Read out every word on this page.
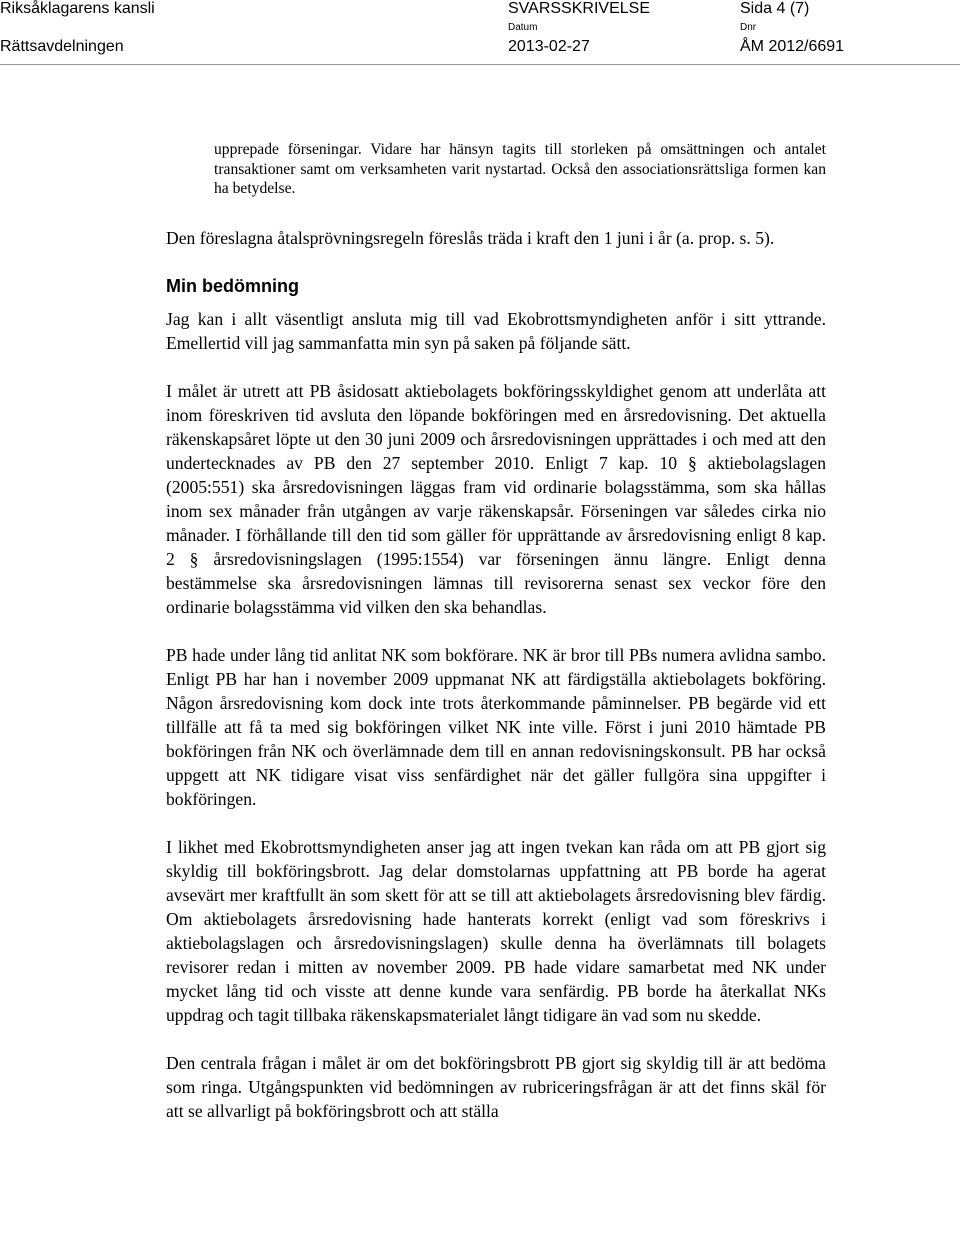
Riksåklagarens kansli
Rättsavdelningen
SVARSSKRIVELSE
Datum
2013-02-27
Sida 4 (7)
Dnr
ÅM 2012/6691

upprepade förseningar. Vidare har hänsyn tagits till storleken på omsättningen och antalet transaktioner samt om verksamheten varit nystartad. Också den associationsrättsliga formen kan ha betydelse.

Den föreslagna åtalsprövningsregeln föreslås träda i kraft den 1 juni i år (a. prop. s. 5).

Min bedömning

Jag kan i allt väsentligt ansluta mig till vad Ekobrottsmyndigheten anför i sitt yttrande. Emellertid vill jag sammanfatta min syn på saken på följande sätt.

I målet är utrett att PB åsidosatt aktiebolagets bokföringsskyldighet genom att underlåta att inom föreskriven tid avsluta den löpande bokföringen med en årsredovisning. Det aktuella räkenskapsåret löpte ut den 30 juni 2009 och årsredovisningen upprättades i och med att den undertecknades av PB den 27 september 2010. Enligt 7 kap. 10 § aktiebolagslagen (2005:551) ska årsredovisningen läggas fram vid ordinarie bolagsstämma, som ska hållas inom sex månader från utgången av varje räkenskapsår. Förseningen var således cirka nio månader. I förhållande till den tid som gäller för upprättande av årsredovisning enligt 8 kap. 2 § årsredovisningslagen (1995:1554) var förseningen ännu längre. Enligt denna bestämmelse ska årsredovisningen lämnas till revisorerna senast sex veckor före den ordinarie bolagsstämma vid vilken den ska behandlas.

PB hade under lång tid anlitat NK som bokförare. NK är bror till PBs numera avlidna sambo. Enligt PB har han i november 2009 uppmanat NK att färdigställa aktiebolagets bokföring. Någon årsredovisning kom dock inte trots återkommande påminnelser. PB begärde vid ett tillfälle att få ta med sig bokföringen vilket NK inte ville. Först i juni 2010 hämtade PB bokföringen från NK och överlämnade dem till en annan redovisningskonsult. PB har också uppgett att NK tidigare visat viss senfärdighet när det gäller fullgöra sina uppgifter i bokföringen.

I likhet med Ekobrottsmyndigheten anser jag att ingen tvekan kan råda om att PB gjort sig skyldig till bokföringsbrott. Jag delar domstolarnas uppfattning att PB borde ha agerat avsevärt mer kraftfullt än som skett för att se till att aktiebolagets årsredovisning blev färdig. Om aktiebolagets årsredovisning hade hanterats korrekt (enligt vad som föreskrivs i aktiebolagslagen och årsredovisningslagen) skulle denna ha överlämnats till bolagets revisorer redan i mitten av november 2009. PB hade vidare samarbetat med NK under mycket lång tid och visste att denne kunde vara senfärdig. PB borde ha återkallat NKs uppdrag och tagit tillbaka räkenskapsmaterialet långt tidigare än vad som nu skedde.

Den centrala frågan i målet är om det bokföringsbrott PB gjort sig skyldig till är att bedöma som ringa. Utgångspunkten vid bedömningen av rubriceringsfrågan är att det finns skäl för att se allvarligt på bokföringsbrott och att ställa
